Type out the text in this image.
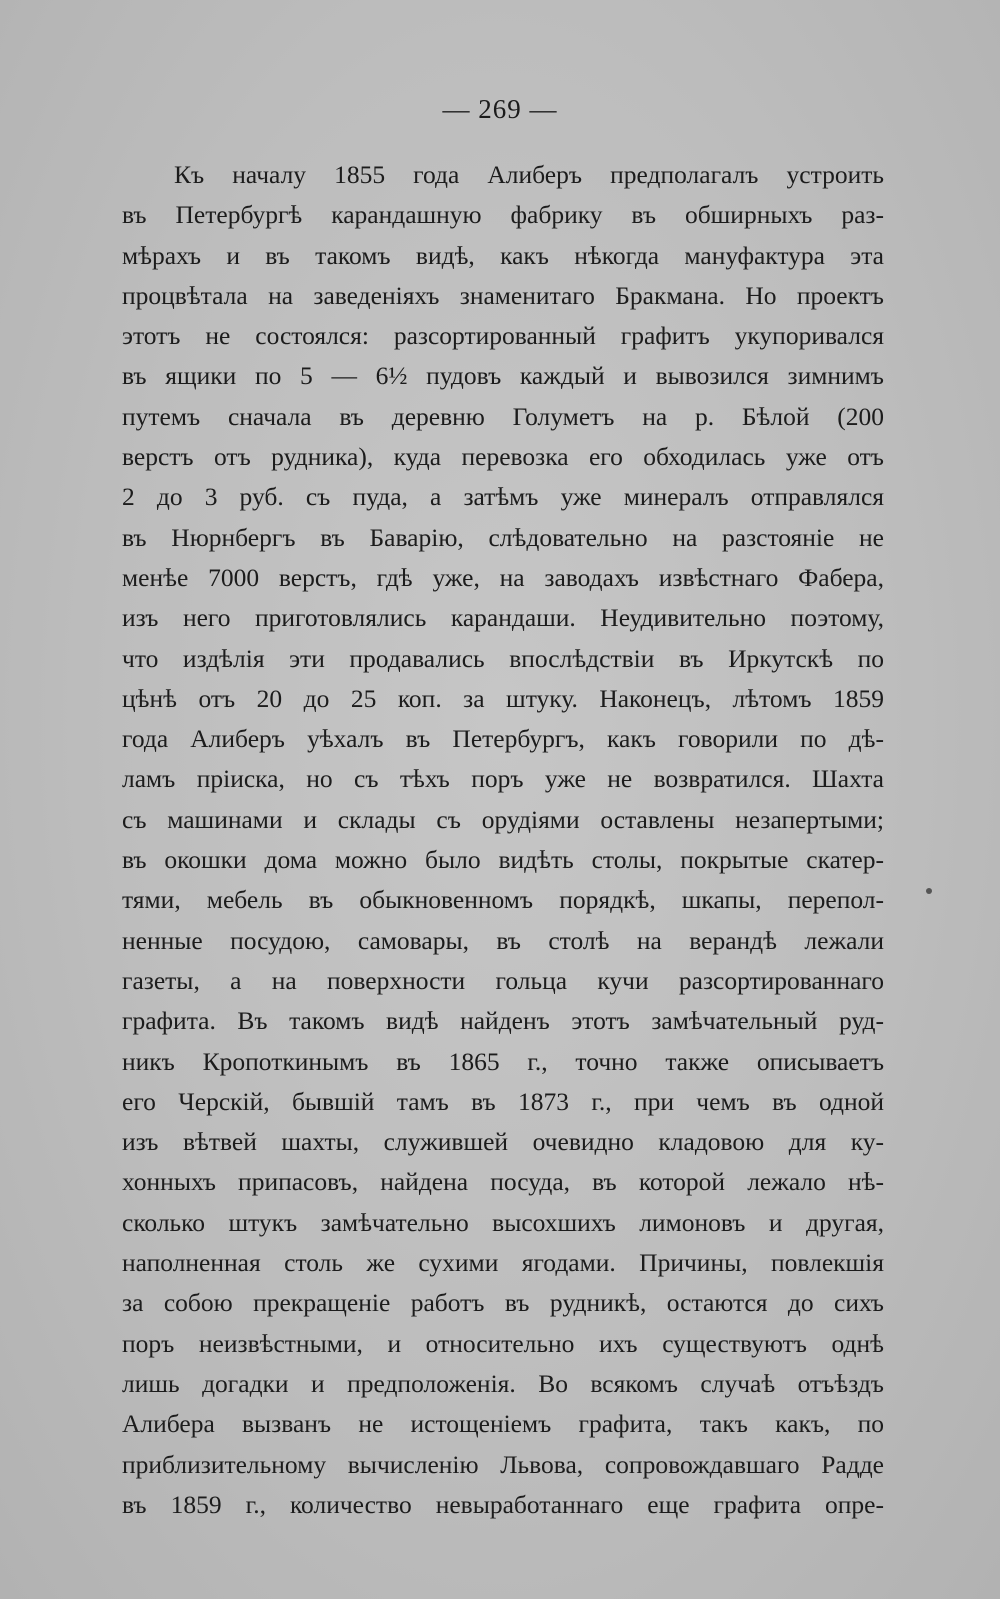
— 269 —
Къ началу 1855 года Алиберъ предполагалъ устроить
въ Петербургѣ карандашную фабрику въ обширныхъ раз-
мѣрахъ и въ такомъ видѣ, какъ нѣкогда мануфактура эта
процвѣтала на заведеніяхъ знаменитаго Бракмана. Но проектъ
этотъ не состоялся: разсортированный графитъ укупоривался
въ ящики по 5 — 6½ пудовъ каждый и вывозился зимнимъ
путемъ сначала въ деревню Голуметъ на р. Бѣлой (200
верстъ отъ рудника), куда перевозка его обходилась уже отъ
2 до 3 руб. съ пуда, а затѣмъ уже минералъ отправлялся
въ Нюрнбергъ въ Баварію, слѣдовательно на разстояніе не
менѣе 7000 верстъ, гдѣ уже, на заводахъ извѣстнаго Фабера,
изъ него приготовлялись карандаши. Неудивительно поэтому,
что издѣлія эти продавались впослѣдствіи въ Иркутскѣ по
цѣнѣ отъ 20 до 25 коп. за штуку. Наконецъ, лѣтомъ 1859
года Алиберъ уѣхалъ въ Петербургъ, какъ говорили по дѣ-
ламъ пріиска, но съ тѣхъ поръ уже не возвратился. Шахта
съ машинами и склады съ орудіями оставлены незапертыми;
въ окошки дома можно было видѣть столы, покрытые скатер-
тями, мебель въ обыкновенномъ порядкѣ, шкапы, перепол-
ненные посудою, самовары, въ столѣ на верандѣ лежали
газеты, а на поверхности гольца кучи разсортированнаго
графита. Въ такомъ видѣ найденъ этотъ замѣчательный руд-
никъ Кропоткинымъ въ 1865 г., точно также описываетъ
его Черскій, бывшій тамъ въ 1873 г., при чемъ въ одной
изъ вѣтвей шахты, служившей очевидно кладовою для ку-
хонныхъ припасовъ, найдена посуда, въ которой лежало нѣ-
сколько штукъ замѣчательно высохшихъ лимоновъ и другая,
наполненная столь же сухими ягодами. Причины, повлекшія
за собою прекращеніе работъ въ рудникѣ, остаются до сихъ
поръ неизвѣстными, и относительно ихъ существуютъ однѣ
лишь догадки и предположенія. Во всякомъ случаѣ отъѣздъ
Алибера вызванъ не истощеніемъ графита, такъ какъ, по
приблизительному вычисленію Львова, сопровождавшаго Радде
въ 1859 г., количество невыработаннаго еще графита опре-
